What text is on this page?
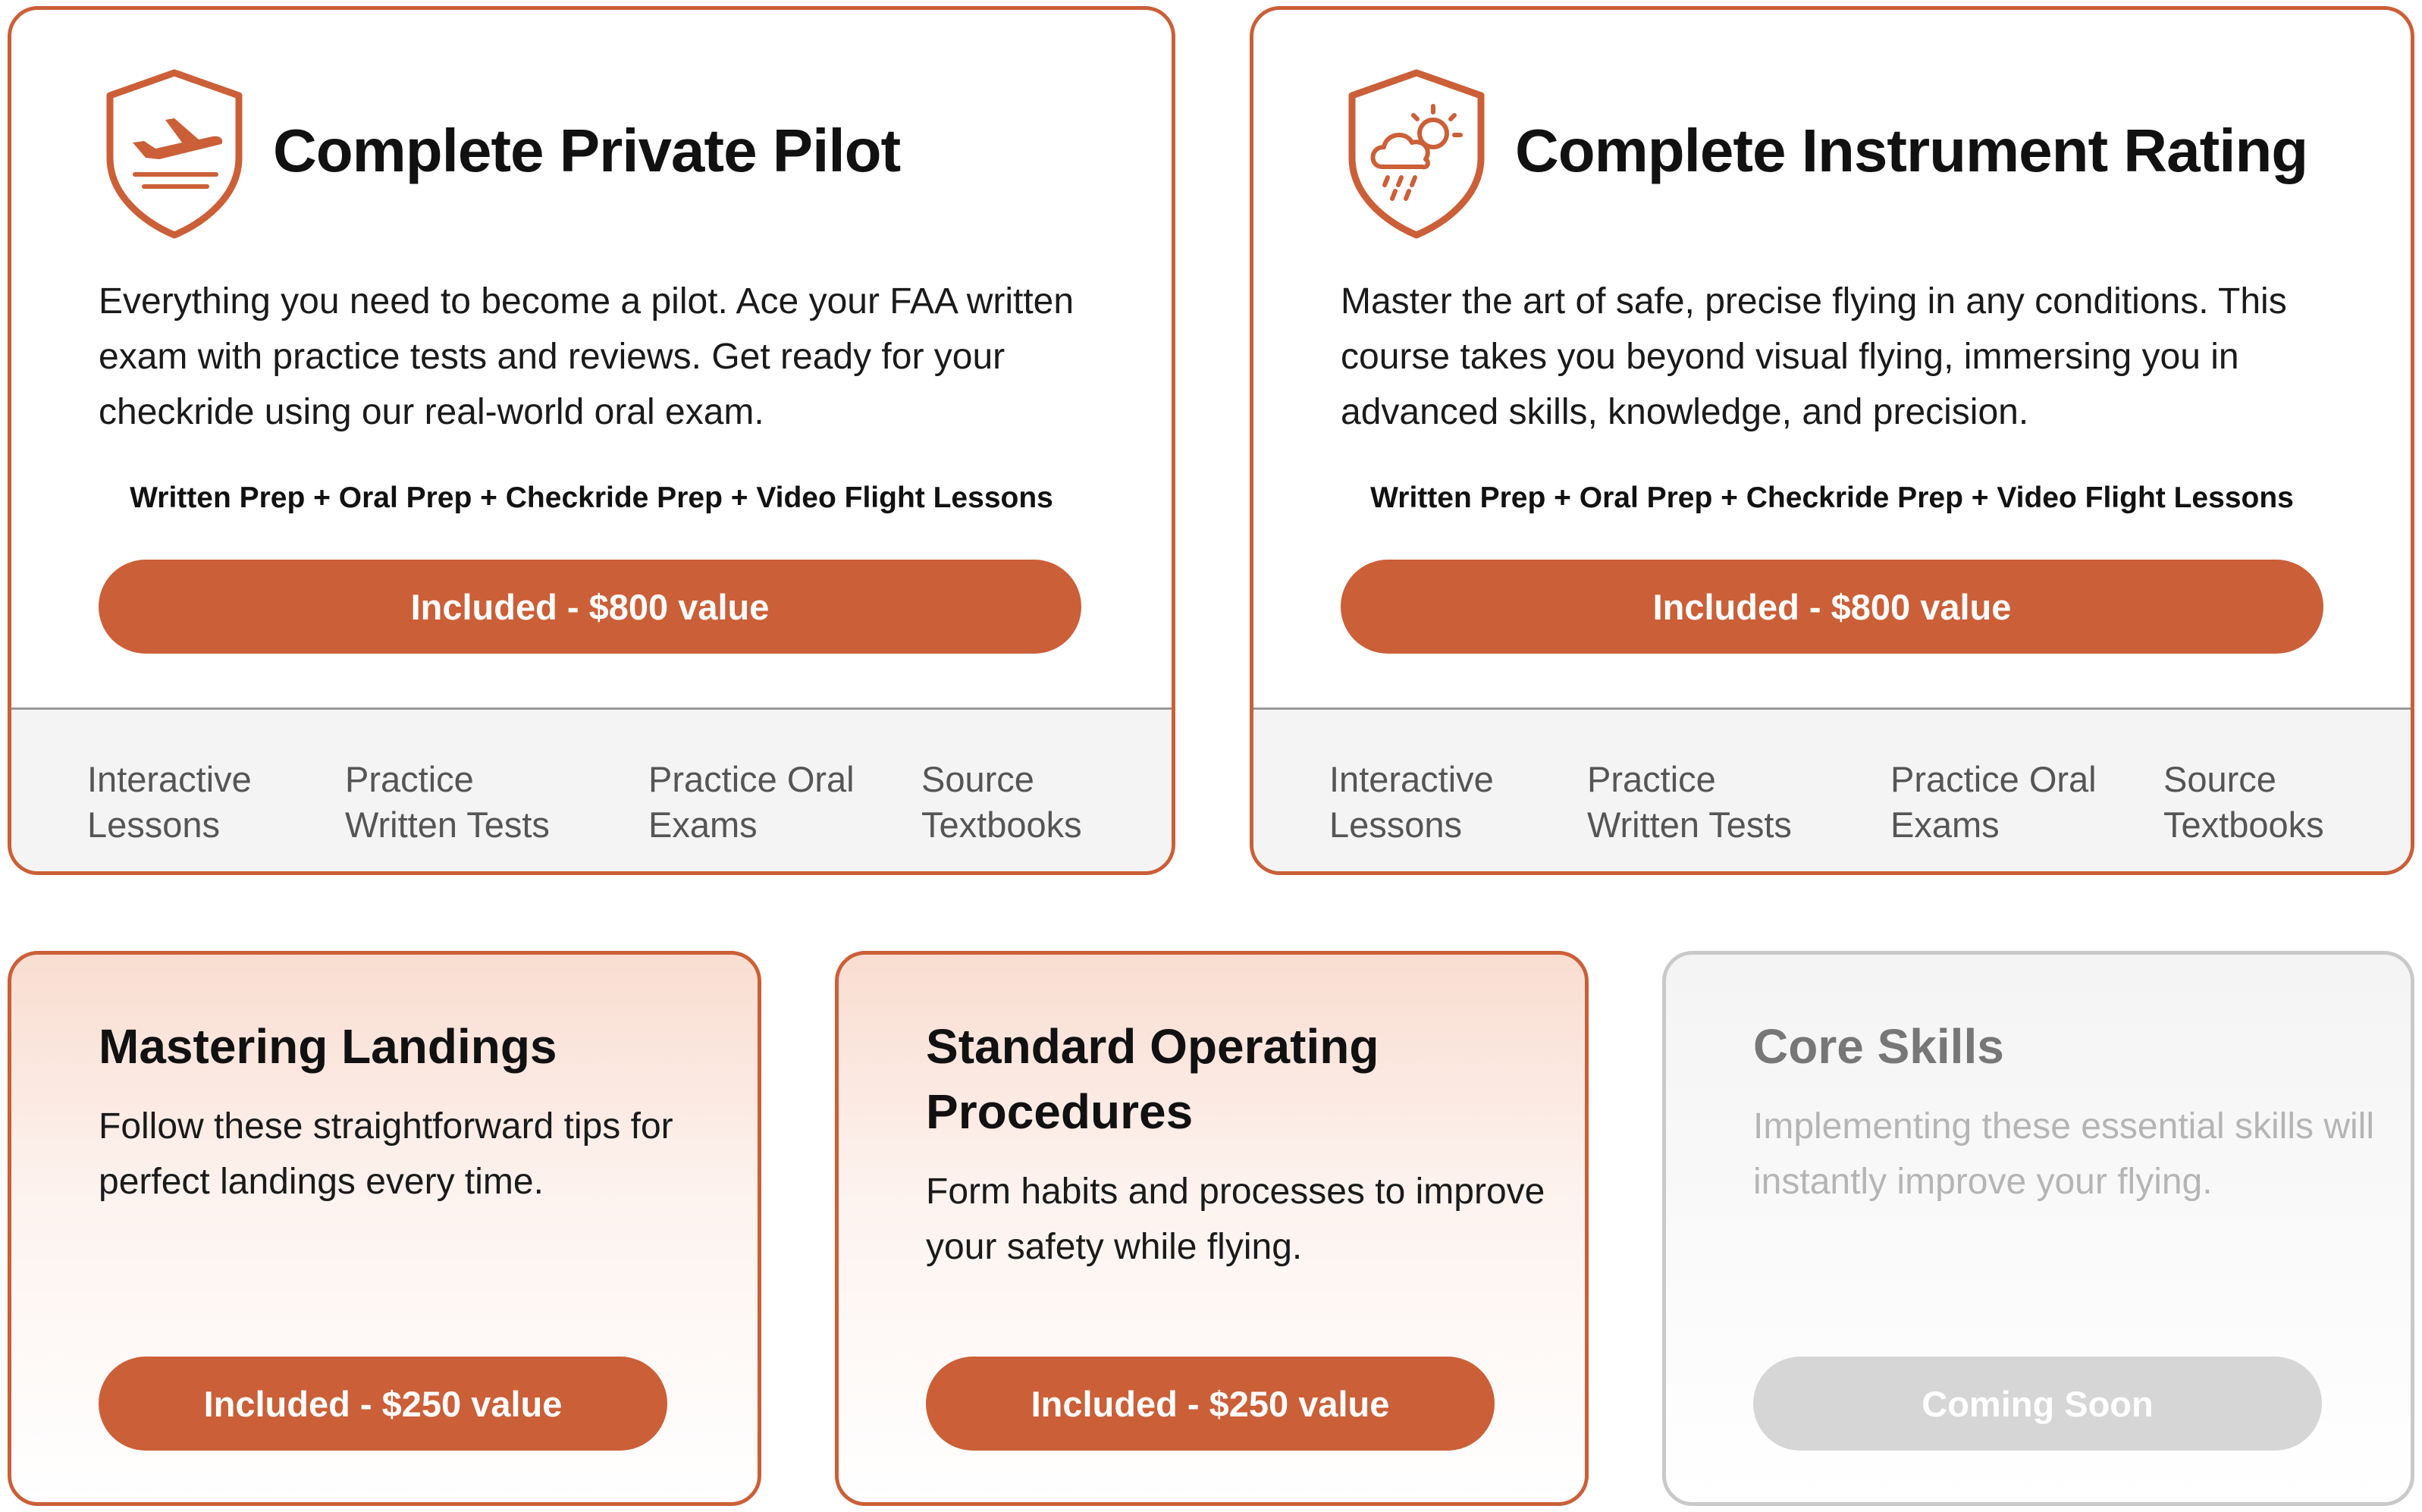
Complete Private Pilot

Everything you need to become a pilot. Ace your FAA written exam with practice tests and reviews. Get ready for your checkride using our real-world oral exam.

Written Prep + Oral Prep + Checkride Prep + Video Flight Lessons
Included - $800 value
Interactive Lessons
Practice Written Tests
Practice Oral Exams
Source Textbooks
Complete Instrument Rating

Master the art of safe, precise flying in any conditions. This course takes you beyond visual flying, immersing you in advanced skills, knowledge, and precision.

Written Prep + Oral Prep + Checkride Prep + Video Flight Lessons
Included - $800 value
Interactive Lessons
Practice Written Tests
Practice Oral Exams
Source Textbooks
Mastering Landings

Follow these straightforward tips for perfect landings every time.

Included - $250 value
Standard Operating Procedures

Form habits and processes to improve your safety while flying.

Included - $250 value
Core Skills

Implementing these essential skills will instantly improve your flying.

Coming Soon
